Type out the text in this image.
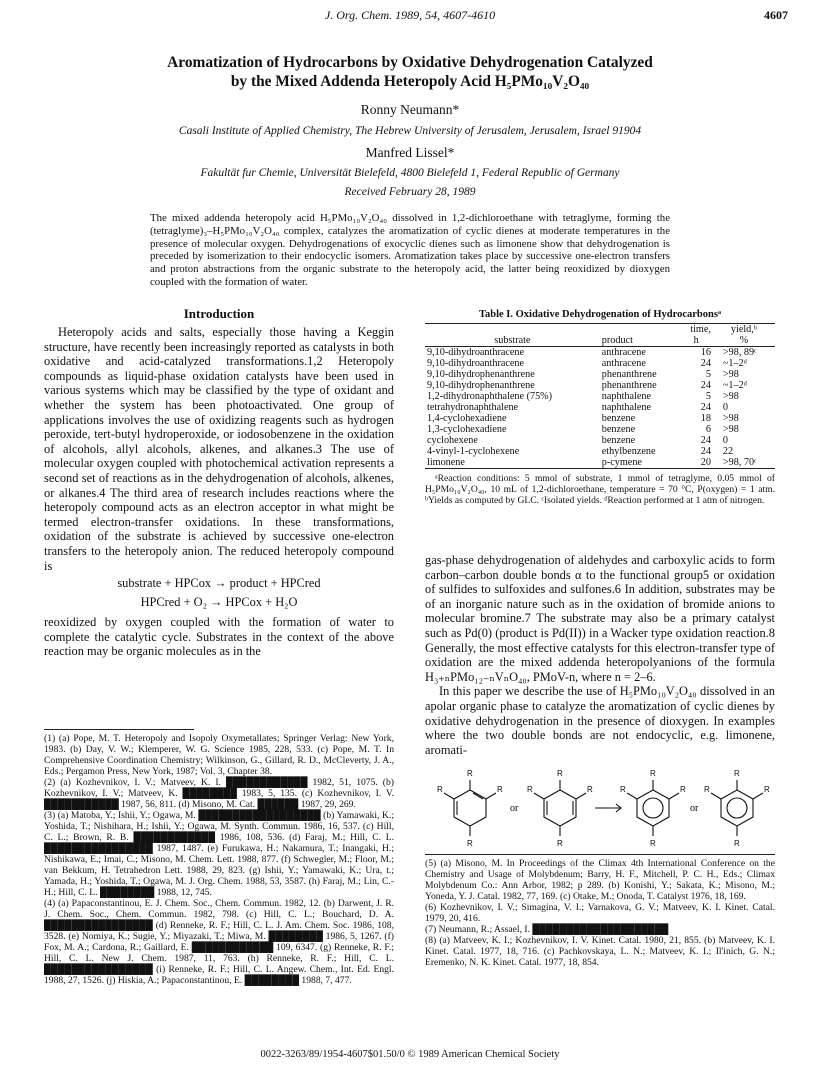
J. Org. Chem. 1989, 54, 4607-4610	4607
Aromatization of Hydrocarbons by Oxidative Dehydrogenation Catalyzed
by the Mixed Addenda Heteropoly Acid H₅PMo₁₀V₂O₄₀
Ronny Neumann*
Casali Institute of Applied Chemistry, The Hebrew University of Jerusalem, Jerusalem, Israel 91904
Manfred Lissel*
Fakultät fur Chemie, Universität Bielefeld, 4800 Bielefeld 1, Federal Republic of Germany
Received February 28, 1989
The mixed addenda heteropoly acid H₅PMo₁₀V₂O₄₀ dissolved in 1,2-dichloroethane with tetraglyme, forming the (tetraglyme)₃–H₅PMo₁₀V₂O₄₀ complex, catalyzes the aromatization of cyclic dienes at moderate temperatures in the presence of molecular oxygen. Dehydrogenations of exocyclic dienes such as limonene show that dehydrogenation is preceded by isomerization to their endocyclic isomers. Aromatization takes place by successive one-electron transfers and proton abstractions from the organic substrate to the heteropoly acid, the latter being reoxidized by dioxygen coupled with the formation of water.
Introduction
Heteropoly acids and salts, especially those having a Keggin structure, have recently been increasingly reported as catalysts in both oxidative and acid-catalyzed transformations.1,2 Heteropoly compounds as liquid-phase oxidation catalysts have been used in various systems which may be classified by the type of oxidant and whether the system has been photoactivated. One group of applications involves the use of oxidizing reagents such as hydrogen peroxide, tert-butyl hydroperoxide, or iodosobenzene in the oxidation of alcohols, allyl alcohols, alkenes, and alkanes.3 The use of molecular oxygen coupled with photochemical activation represents a second set of reactions as in the dehydrogenation of alcohols, alkenes, or alkanes.4 The third area of research includes reactions where the heteropoly compound acts as an electron acceptor in what might be termed electron-transfer oxidations. In these transformations, oxidation of the substrate is achieved by successive one-electron transfers to the heteropoly anion. The reduced heteropoly compound is
substrate + HPCox → product + HPCred
HPCred + O₂ → HPCox + H₂O
reoxidized by oxygen coupled with the formation of water to complete the catalytic cycle. Substrates in the context of the above reaction may be organic molecules as in the

(1) (a) Pope, M. T. Heteropoly and Isopoly Oxymetallates; Springer Verlag: New York, 1983. (b) Day, V. W.; Klemperer, W. G. Science 1985, 228, 533. (c) Pope, M. T. In Comprehensive Coordination Chemistry; Wilkinson, G., Gillard, R. D., McCleverty, J. A., Eds.; Pergamon Press, New York, 1987; Vol. 3, Chapter 38.

(2) (a) Kozhevnikov, I. V.; Matveev, K. I. ████████████ 1982, 51, 1075. (b) Kozhevnikov, I. V.; Matveev, K. ████████ 1983, 5, 135. (c) Kozhevnikov, I. V. ███████████ 1987, 56, 811. (d) Misono, M. Cat. ██████ 1987, 29, 269.

(3) (a) Matoba, Y.; Ishii, Y.; Ogawa, M. ██████████████████ (b) Yamawaki, K.; Yoshida, T.; Nishihara, H.; Ishii, Y.; Ogawa, M. Synth. Commun. 1986, 16, 537. (c) Hill, C. L.; Brown, R. B. ████████████ 1986, 108, 536. (d) Faraj, M.; Hill, C. L. ████████████████ 1987, 1487. (e) Furukawa, H.; Nakamura, T.; Inangaki, H.; Nishikawa, E.; Imai, C.; Misono, M. Chem. Lett. 1988, 877. (f) Schwegler, M.; Floor, M.; van Bekkum, H. Tetrahedron Lett. 1988, 29, 823. (g) Ishii, Y.; Yamawaki, K.; Ura, t.; Yamada, H.; Yoshida, T.; Ogawa, M. J. Org. Chem. 1988, 53, 3587. (h) Faraj, M.; Lin, C.-H.; Hill, C. L. ████████ 1988, 12, 745.

(4) (a) Papaconstantinou, E. J. Chem. Soc., Chem. Commun. 1982, 12. (b) Darwent, J. R. J. Chem. Soc., Chem. Commun. 1982, 798. (c) Hill, C. L.; Bouchard, D. A. ████████████████ (d) Renneke, R. F.; Hill, C. L. J. Am. Chem. Soc. 1986, 108, 3528. (e) Nomiya, K.; Sugie, Y.; Miyazaki, T.; Miwa, M. ████████ 1986, 5, 1267. (f) Fox, M. A.; Cardona, R.; Gaillard, E. ████████████ 109, 6347. (g) Renneke, R. F.; Hill, C. L. New J. Chem. 1987, 11, 763. (h) Renneke, R. F.; Hill, C. L. ████████████████ (i) Renneke, R. F.; Hill, C. L. Angew. Chem., Int. Ed. Engl. 1988, 27, 1526. (j) Hiskia, A.; Papaconstantinou, E. ████████ 1988, 7, 477.

Table I. Oxidative Dehydrogenation of Hydrocarbonsᵃ
		time,	yield,ᵇ
substrate	product	h	%
9,10-dihydroanthracene	anthracene	16	>98, 89ᶜ
9,10-dihydroanthracene	anthracene	24	~1–2ᵈ
9,10-dihydrophenanthrene	phenanthrene	5	>98
9,10-dihydrophenanthrene	phenanthrene	24	~1–2ᵈ
1,2-dihydronaphthalene (75%)	naphthalene	5	>98
tetrahydronaphthalene	naphthalene	24	0
1,4-cyclohexadiene	benzene	18	>98
1,3-cyclohexadiene	benzene	6	>98
cyclohexene	benzene	24	0
4-vinyl-1-cyclohexene	ethylbenzene	24	22
limonene	p-cymene	20	>98, 70ᶜ
ᵃReaction conditions: 5 mmol of substrate, 1 mmol of tetraglyme, 0.05 mmol of H₅PMo₁₀V₂O₄₀, 10 mL of 1,2-dichloroethane, temperature = 70 °C, P(oxygen) = 1 atm. ᵇYields as computed by GLC. ᶜIsolated yields. ᵈReaction performed at 1 atm of nitrogen.
gas-phase dehydrogenation of aldehydes and carboxylic acids to form carbon–carbon double bonds α to the functional group5 or oxidation of sulfides to sulfoxides and sulfones.6 In addition, substrates may be of an inorganic nature such as in the oxidation of bromide anions to molecular bromine.7 The substrate may also be a primary catalyst such as Pd(0) (product is Pd(II)) in a Wacker type oxidation reaction.8 Generally, the most effective catalysts for this electron-transfer type of oxidation are the mixed addenda heteropolyanions of the formula H₃₊ₙPMo₁₂₋ₙVₙO₄₀, PMoV-n, where n = 2–6.
In this paper we describe the use of H₅PMo₁₀V₂O₄₀ dissolved in an apolar organic phase to catalyze the aromatization of cyclic dienes by oxidative dehydrogenation in the presence of dioxygen. In examples where the two double bonds are not endocyclic, e.g. limonene, aromati-
R
R
R	R
R
R
R	R
R
R
R	R
R
R
R	R
or	or

(5) (a) Misono, M. In Proceedings of the Climax 4th International Conference on the Chemistry and Usage of Molybdenum; Barry, H. F., Mitchell, P. C. H., Eds.; Climax Molybdenum Co.: Ann Arbor, 1982; p 289. (b) Konishi, Y.; Sakata, K.; Misono, M.; Yoneda, Y. J. Catal. 1982, 77, 169. (c) Otake, M.; Onoda, T. Catalyst 1976, 18, 169.

(6) Kozhevnikov, I. V.; Simagina, V. I.; Varnakova, G. V.; Matveev, K. I. Kinet. Catal. 1979, 20, 416.

(7) Neumann, R.; Assael, I. ████████████████████

(8) (a) Matveev, K. I.; Kozhevnikov, I. V. Kinet. Catal. 1980, 21, 855. (b) Matveev, K. I. Kinet. Catal. 1977, 18, 716. (c) Pachkovskaya, L. N.; Matveev, K. I.; Il'inich, G. N.; Eremenko, N. K. Kinet. Catal. 1977, 18, 854.

0022-3263/89/1954-4607$01.50/0 © 1989 American Chemical Society
